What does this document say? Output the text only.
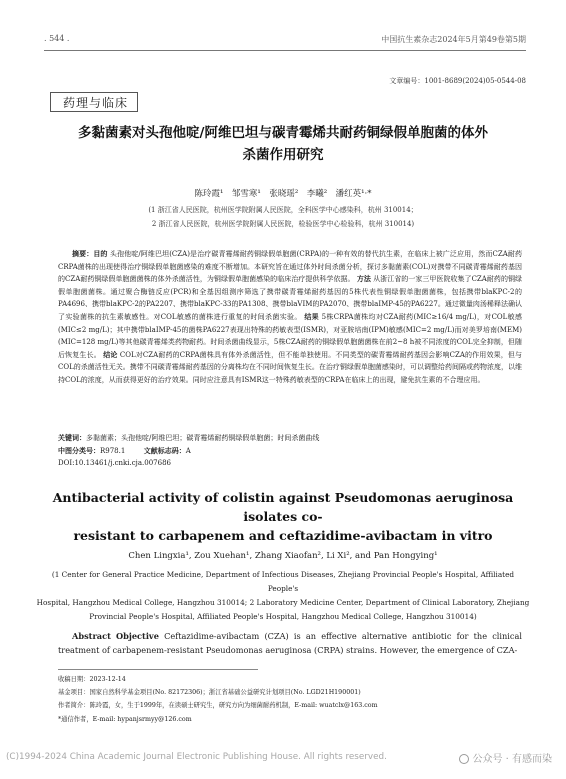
. 544 .	中国抗生素杂志2024年5月第49卷第5期
文章编号：1001-8689(2024)05-0544-08
药理与临床
多黏菌素对头孢他啶/阿维巴坦与碳青霉烯共耐药铜绿假单胞菌的体外
杀菌作用研究
陈玲霞¹　邹雪寒¹　张晓瑶²　李曦²　潘红英¹·*
(1 浙江省人民医院，杭州医学院附属人民医院，全科医学中心感染科，杭州 310014；
2 浙江省人民医院，杭州医学院附属人民医院，检验医学中心检验科，杭州 310014)
摘要：目的 头孢他啶/阿维巴坦(CZA)是治疗碳青霉烯耐药铜绿假单胞菌(CRPA)的一种有效的替代抗生素，在临床上被广泛应用，然而CZA耐药CRPA菌株的出现使得治疗铜绿假单胞菌感染的难度不断增加。本研究旨在通过体外时间杀菌分析，探讨多黏菌素(COL)对携带不同碳青霉烯耐药基因的CZA耐药铜绿假单胞菌菌株的体外杀菌活性，为铜绿假单胞菌感染的临床治疗提供科学依据。 方法 从浙江省的一家三甲医院收集了CZA耐药的铜绿假单胞菌菌株。通过聚合酶链反应(PCR)和全基因组测序筛选了携带碳青霉烯耐药基因的5株代表性铜绿假单胞菌菌株，包括携带blaKPC-2的PA4696、携带blaKPC-2的PA2207、携带blaKPC-33的PA1308、携带blaVIM的PA2070、携带blaIMP-45的PA6227。通过微量肉汤稀释法确认了实验菌株的抗生素敏感性。对COL敏感的菌株进行重复的时间杀菌实验。 结果 5株CRPA菌株均对CZA耐药(MIC≥16/4 mg/L)，对COL敏感(MIC≤2 mg/L)；其中携带blaIMP-45的菌株PA6227表现出特殊的药敏表型(ISMR)，对亚胺培南(IPM)敏感(MIC=2 mg/L)而对美罗培南(MEM)(MIC=128 mg/L)等其他碳青霉烯类药物耐药。时间杀菌曲线显示，5株CZA耐药的铜绿假单胞菌菌株在前2~8 h被不同浓度的COL完全抑制，但随后恢复生长。 结论 COL对CZA耐药的CRPA菌株具有体外杀菌活性，但不能单独使用。不同类型的碳青霉烯耐药基因会影响CZA的作用效果，但与COL的杀菌活性无关。携带不同碳青霉烯耐药基因的分离株均在不同时间恢复生长。在治疗铜绿假单胞菌感染时，可以调整给药间隔或药物浓度，以维持COL的浓度，从而获得更好的治疗效果。同时应注意具有ISMR这一特殊药敏表型的CRPA在临床上的出现，避免抗生素的不合理应用。
关键词：多黏菌素；头孢他啶/阿维巴坦；碳青霉烯耐药铜绿假单胞菌；时间杀菌曲线
中图分类号：R978.1	文献标志码：A
DOI:10.13461/j.cnki.cja.007686
Antibacterial activity of colistin against Pseudomonas aeruginosa isolates co-
resistant to carbapenem and ceftazidime-avibactam in vitro
Chen Lingxia¹, Zou Xuehan¹, Zhang Xiaofan², Li Xi², and Pan Hongying¹
(1 Center for General Practice Medicine, Department of Infectious Diseases, Zhejiang Provincial People's Hospital, Affiliated People's
Hospital, Hangzhou Medical College, Hangzhou 310014; 2 Laboratory Medicine Center, Department of Clinical Laboratory, Zhejiang
Provincial People's Hospital, Affiliated People's Hospital, Hangzhou Medical College, Hangzhou 310014)
Abstract Objective Ceftazidime-avibactam (CZA) is an effective alternative antibiotic for the clinical treatment of carbapenem-resistant Pseudomonas aeruginosa (CRPA) strains. However, the emergence of CZA-
收稿日期：2023-12-14
基金项目：国家自然科学基金项目(No. 82172306)；浙江省基础公益研究计划项目(No. LGD21H190001)
作者简介：陈玲霞，女，生于1999年，在读硕士研究生，研究方向为细菌耐药机制，E-mail: wuatclx@163.com
*通信作者，E-mail: hypanjsrmyy@126.com
(C)1994-2024 China Academic Journal Electronic Publishing House. All rights reserved.	公众号 · 有感而染
